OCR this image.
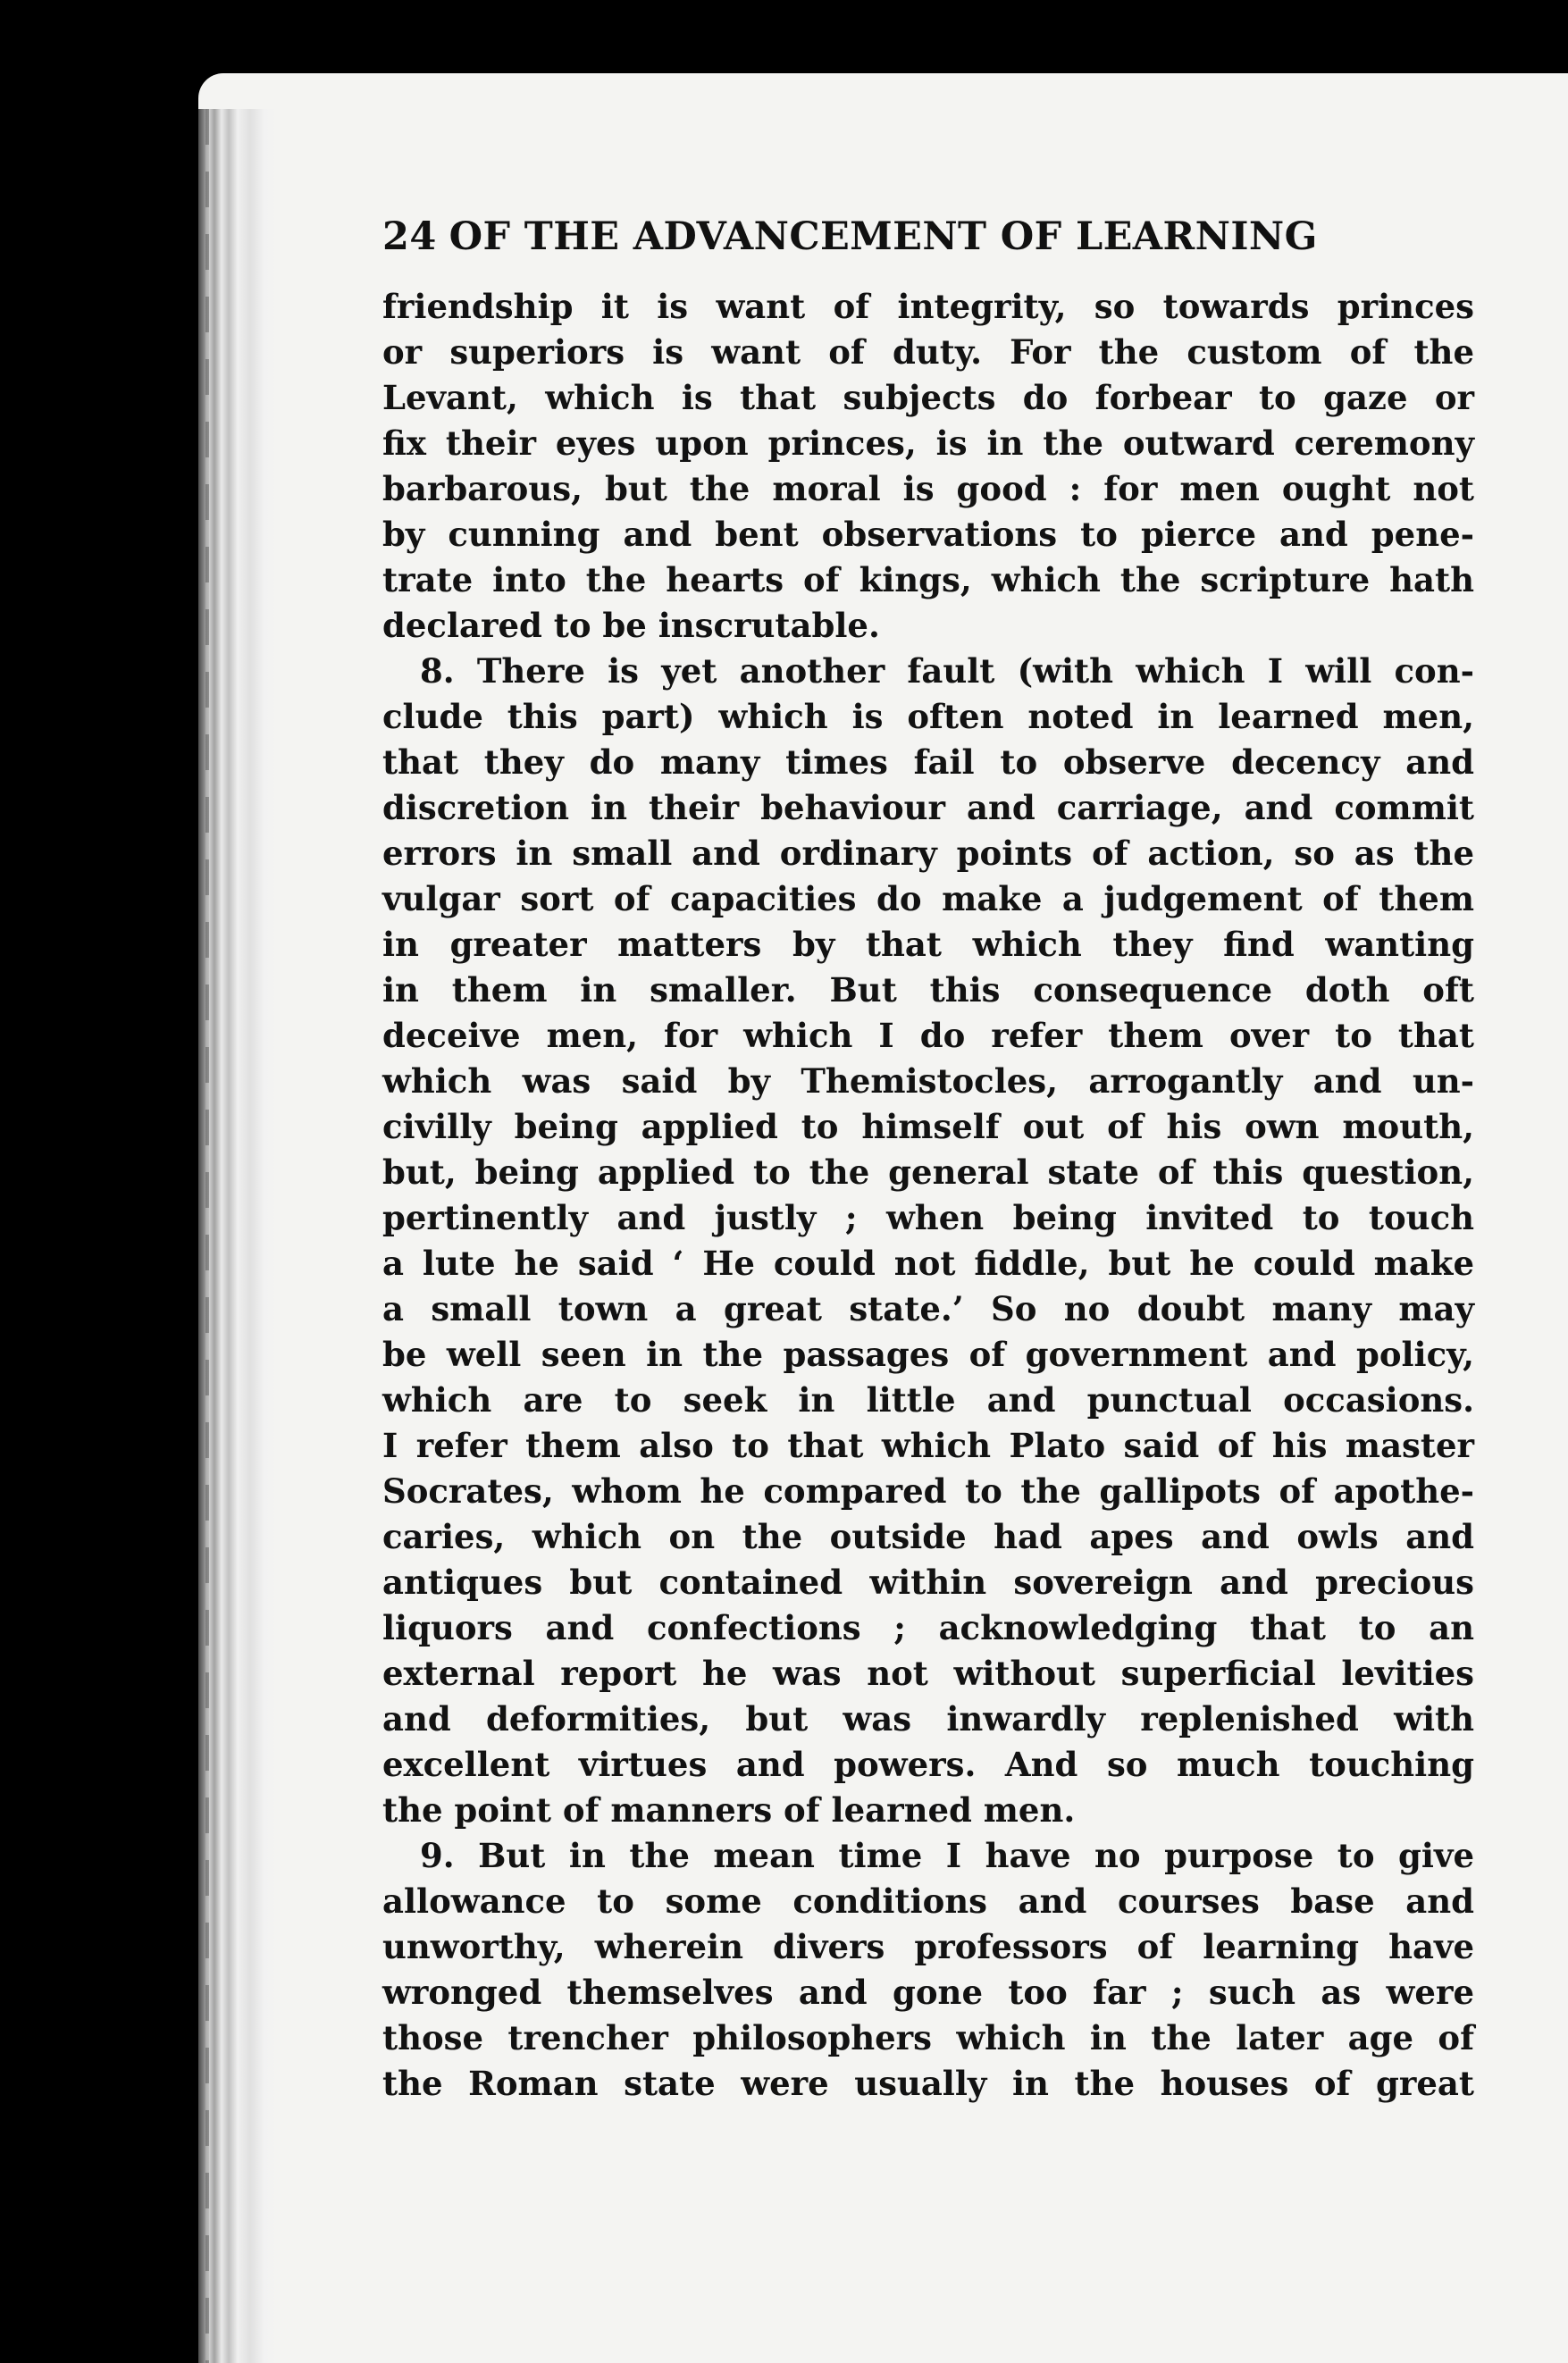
24 OF THE ADVANCEMENT OF LEARNING
friendship it is want of integrity, so towards princes
or superiors is want of duty. For the custom of the
Levant, which is that subjects do forbear to gaze or
fix their eyes upon princes, is in the outward ceremony
barbarous, but the moral is good : for men ought not
by cunning and bent observations to pierce and pene-
trate into the hearts of kings, which the scripture hath
declared to be inscrutable.
8. There is yet another fault (with which I will con-
clude this part) which is often noted in learned men,
that they do many times fail to observe decency and
discretion in their behaviour and carriage, and commit
errors in small and ordinary points of action, so as the
vulgar sort of capacities do make a judgement of them
in greater matters by that which they find wanting
in them in smaller. But this consequence doth oft
deceive men, for which I do refer them over to that
which was said by Themistocles, arrogantly and un-
civilly being applied to himself out of his own mouth,
but, being applied to the general state of this question,
pertinently and justly ; when being invited to touch
a lute he said ‘ He could not fiddle, but he could make
a small town a great state.’ So no doubt many may
be well seen in the passages of government and policy,
which are to seek in little and punctual occasions.
I refer them also to that which Plato said of his master
Socrates, whom he compared to the gallipots of apothe-
caries, which on the outside had apes and owls and
antiques but contained within sovereign and precious
liquors and confections ; acknowledging that to an
external report he was not without superficial levities
and deformities, but was inwardly replenished with
excellent virtues and powers. And so much touching
the point of manners of learned men.
9. But in the mean time I have no purpose to give
allowance to some conditions and courses base and
unworthy, wherein divers professors of learning have
wronged themselves and gone too far ; such as were
those trencher philosophers which in the later age of
the Roman state were usually in the houses of great
